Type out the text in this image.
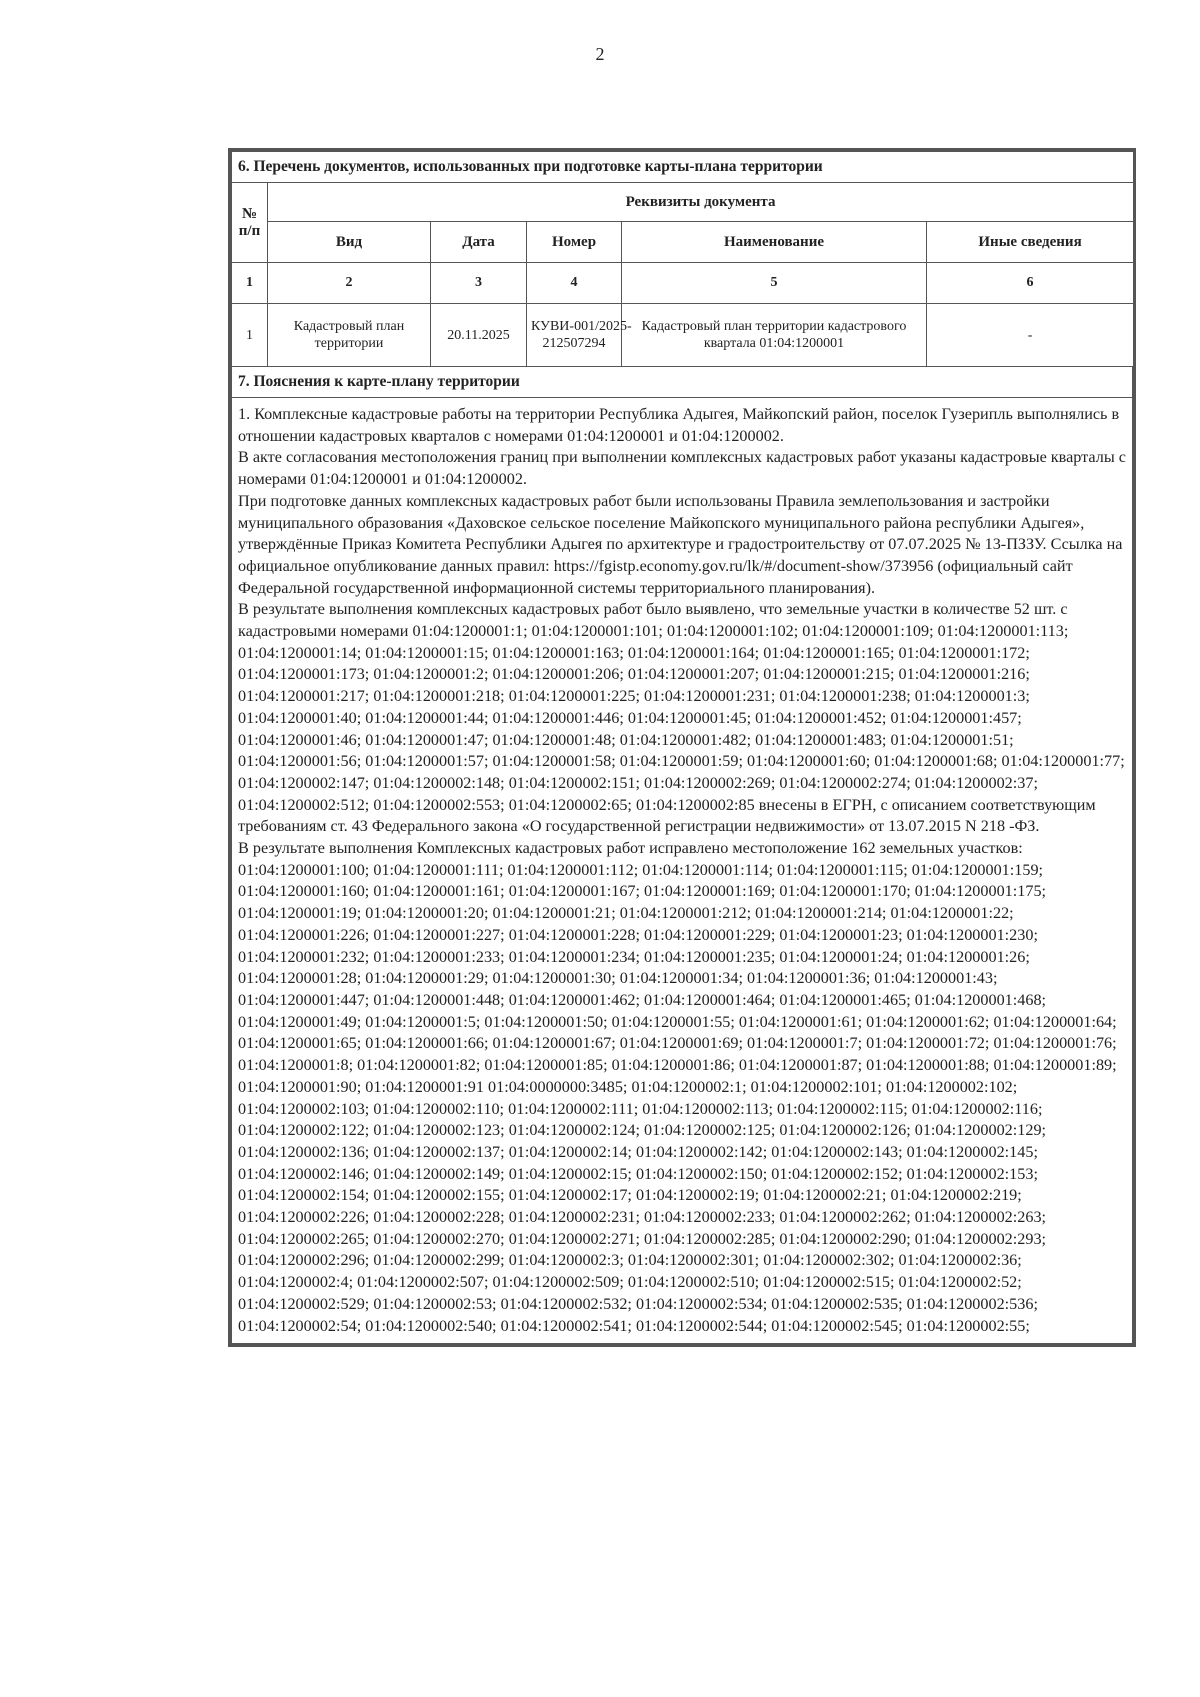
2
6. Перечень документов, использованных при подготовке карты-плана территории					
№ п/п	Реквизиты документа				
	Вид	Дата	Номер	Наименование	Иные сведения
1	2	3	4	5	6
1	Кадастровый план территории	20.11.2025	КУВИ-001/2025-212507294	Кадастровый план территории кадастрового квартала 01:04:1200001	-
7. Пояснения к карте-плану территории

1. Комплексные кадастровые работы на территории Республика Адыгея, Майкопский район, поселок Гузерипль выполнялись в отношении кадастровых кварталов с номерами 01:04:1200001 и 01:04:1200002.

В акте согласования местоположения границ при выполнении комплексных кадастровых работ указаны кадастровые кварталы с номерами 01:04:1200001 и 01:04:1200002.

При подготовке данных комплексных кадастровых работ были использованы Правила землепользования и застройки муниципального образования «Даховское сельское поселение Майкопского муниципального района республики Адыгея», утверждённые Приказ Комитета Республики Адыгея по архитектуре и градостроительству от 07.07.2025 № 13-ПЗЗУ. Ссылка на официальное опубликование данных правил: https://fgistp.economy.gov.ru/lk/#/document-show/373956 (официальный сайт Федеральной государственной информационной системы территориального планирования).

В результате выполнения комплексных кадастровых работ было выявлено, что земельные участки в количестве 52 шт. с кадастровыми номерами 01:04:1200001:1; 01:04:1200001:101; 01:04:1200001:102; 01:04:1200001:109; 01:04:1200001:113; 01:04:1200001:14; 01:04:1200001:15; 01:04:1200001:163; 01:04:1200001:164; 01:04:1200001:165; 01:04:1200001:172; 01:04:1200001:173; 01:04:1200001:2; 01:04:1200001:206; 01:04:1200001:207; 01:04:1200001:215; 01:04:1200001:216; 01:04:1200001:217; 01:04:1200001:218; 01:04:1200001:225; 01:04:1200001:231; 01:04:1200001:238; 01:04:1200001:3; 01:04:1200001:40; 01:04:1200001:44; 01:04:1200001:446; 01:04:1200001:45; 01:04:1200001:452; 01:04:1200001:457; 01:04:1200001:46; 01:04:1200001:47; 01:04:1200001:48; 01:04:1200001:482; 01:04:1200001:483; 01:04:1200001:51; 01:04:1200001:56; 01:04:1200001:57; 01:04:1200001:58; 01:04:1200001:59; 01:04:1200001:60; 01:04:1200001:68; 01:04:1200001:77; 01:04:1200002:147; 01:04:1200002:148; 01:04:1200002:151; 01:04:1200002:269; 01:04:1200002:274; 01:04:1200002:37; 01:04:1200002:512; 01:04:1200002:553; 01:04:1200002:65; 01:04:1200002:85 внесены в ЕГРН, с описанием соответствующим требованиям ст. 43 Федерального закона «О государственной регистрации недвижимости» от 13.07.2015 N 218 -ФЗ.

В результате выполнения Комплексных кадастровых работ исправлено местоположение 162 земельных участков: 01:04:1200001:100; 01:04:1200001:111; 01:04:1200001:112; 01:04:1200001:114; 01:04:1200001:115; 01:04:1200001:159; 01:04:1200001:160; 01:04:1200001:161; 01:04:1200001:167; 01:04:1200001:169; 01:04:1200001:170; 01:04:1200001:175; 01:04:1200001:19; 01:04:1200001:20; 01:04:1200001:21; 01:04:1200001:212; 01:04:1200001:214; 01:04:1200001:22; 01:04:1200001:226; 01:04:1200001:227; 01:04:1200001:228; 01:04:1200001:229; 01:04:1200001:23; 01:04:1200001:230; 01:04:1200001:232; 01:04:1200001:233; 01:04:1200001:234; 01:04:1200001:235; 01:04:1200001:24; 01:04:1200001:26; 01:04:1200001:28; 01:04:1200001:29; 01:04:1200001:30; 01:04:1200001:34; 01:04:1200001:36; 01:04:1200001:43; 01:04:1200001:447; 01:04:1200001:448; 01:04:1200001:462; 01:04:1200001:464; 01:04:1200001:465; 01:04:1200001:468; 01:04:1200001:49; 01:04:1200001:5; 01:04:1200001:50; 01:04:1200001:55; 01:04:1200001:61; 01:04:1200001:62; 01:04:1200001:64; 01:04:1200001:65; 01:04:1200001:66; 01:04:1200001:67; 01:04:1200001:69; 01:04:1200001:7; 01:04:1200001:72; 01:04:1200001:76; 01:04:1200001:8; 01:04:1200001:82; 01:04:1200001:85; 01:04:1200001:86; 01:04:1200001:87; 01:04:1200001:88; 01:04:1200001:89; 01:04:1200001:90; 01:04:1200001:91 01:04:0000000:3485; 01:04:1200002:1; 01:04:1200002:101; 01:04:1200002:102; 01:04:1200002:103; 01:04:1200002:110; 01:04:1200002:111; 01:04:1200002:113; 01:04:1200002:115; 01:04:1200002:116; 01:04:1200002:122; 01:04:1200002:123; 01:04:1200002:124; 01:04:1200002:125; 01:04:1200002:126; 01:04:1200002:129; 01:04:1200002:136; 01:04:1200002:137; 01:04:1200002:14; 01:04:1200002:142; 01:04:1200002:143; 01:04:1200002:145; 01:04:1200002:146; 01:04:1200002:149; 01:04:1200002:15; 01:04:1200002:150; 01:04:1200002:152; 01:04:1200002:153; 01:04:1200002:154; 01:04:1200002:155; 01:04:1200002:17; 01:04:1200002:19; 01:04:1200002:21; 01:04:1200002:219; 01:04:1200002:226; 01:04:1200002:228; 01:04:1200002:231; 01:04:1200002:233; 01:04:1200002:262; 01:04:1200002:263; 01:04:1200002:265; 01:04:1200002:270; 01:04:1200002:271; 01:04:1200002:285; 01:04:1200002:290; 01:04:1200002:293; 01:04:1200002:296; 01:04:1200002:299; 01:04:1200002:3; 01:04:1200002:301; 01:04:1200002:302; 01:04:1200002:36; 01:04:1200002:4; 01:04:1200002:507; 01:04:1200002:509; 01:04:1200002:510; 01:04:1200002:515; 01:04:1200002:52; 01:04:1200002:529; 01:04:1200002:53; 01:04:1200002:532; 01:04:1200002:534; 01:04:1200002:535; 01:04:1200002:536; 01:04:1200002:54; 01:04:1200002:540; 01:04:1200002:541; 01:04:1200002:544; 01:04:1200002:545; 01:04:1200002:55;
